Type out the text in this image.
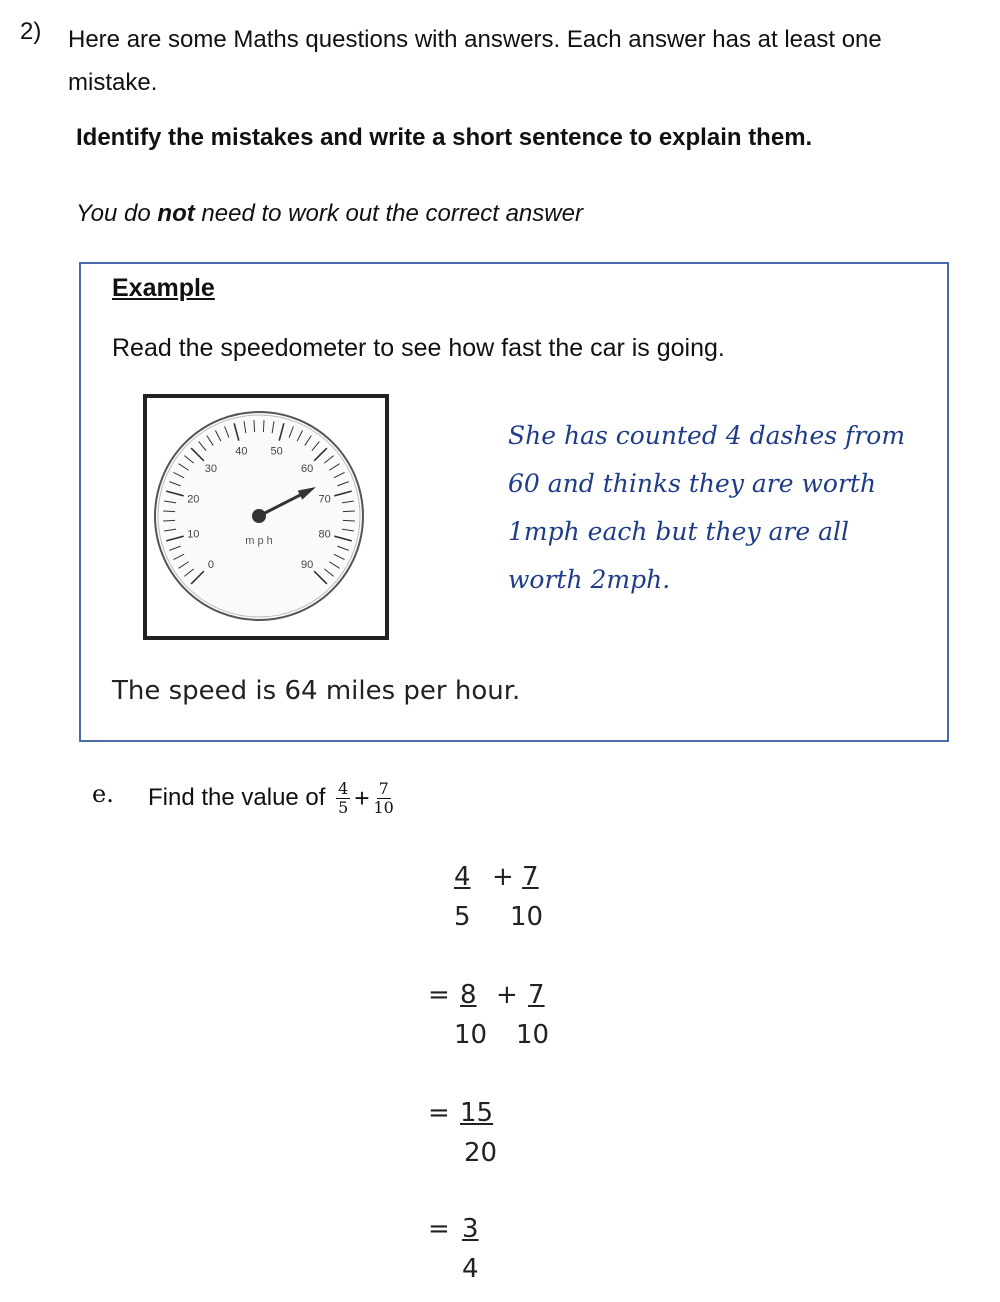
2) Here are some Maths questions with answers. Each answer has at least one mistake.
Identify the mistakes and write a short sentence to explain them.
You do not need to work out the correct answer
Example
Read the speedometer to see how fast the car is going.
0
10
20
30
40 50
60
70
80
90
m p h
She has counted 4 dashes from 60 and thinks they are worth 1mph each but they are all worth 2mph.
The speed is 64 miles per hour.
e. Find the value of $\frac{4}{5} + \frac{7}{10}$
4 + 7
5 10
= 8 + 7
10 10
= 15
20
= 3
4
